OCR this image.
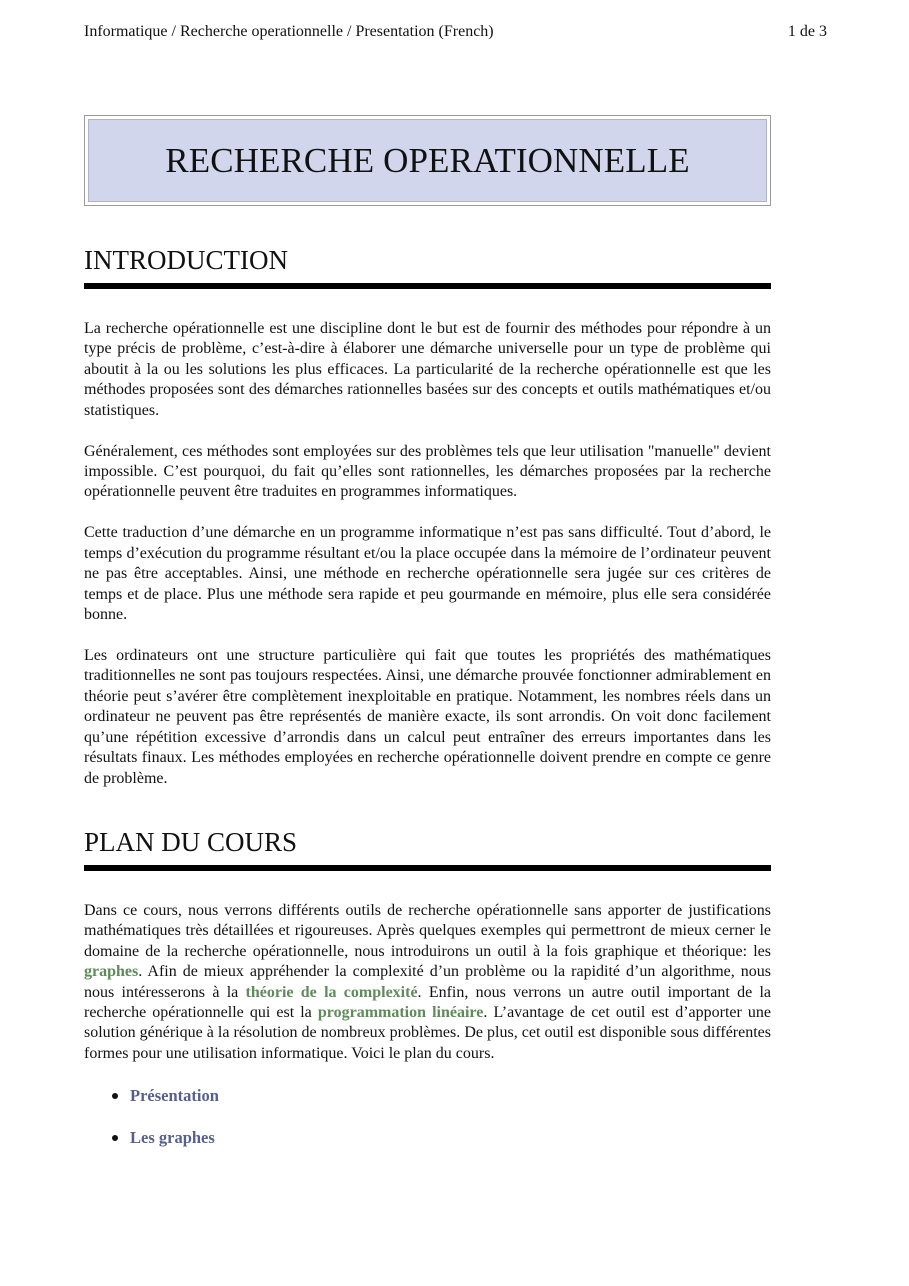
Informatique / Recherche operationnelle / Presentation (French)	1 de 3
RECHERCHE OPERATIONNELLE
INTRODUCTION

La recherche opérationnelle est une discipline dont le but est de fournir des méthodes pour répondre à un type précis de problème, c’est-à-dire à élaborer une démarche universelle pour un type de problème qui aboutit à la ou les solutions les plus efficaces. La particularité de la recherche opérationnelle est que les méthodes proposées sont des démarches rationnelles basées sur des concepts et outils mathématiques et/ou statistiques.

Généralement, ces méthodes sont employées sur des problèmes tels que leur utilisation "manuelle" devient impossible. C’est pourquoi, du fait qu’elles sont rationnelles, les démarches proposées par la recherche opérationnelle peuvent être traduites en programmes informatiques.

Cette traduction d’une démarche en un programme informatique n’est pas sans difficulté. Tout d’abord, le temps d’exécution du programme résultant et/ou la place occupée dans la mémoire de l’ordinateur peuvent ne pas être acceptables. Ainsi, une méthode en recherche opérationnelle sera jugée sur ces critères de temps et de place. Plus une méthode sera rapide et peu gourmande en mémoire, plus elle sera considérée bonne.

Les ordinateurs ont une structure particulière qui fait que toutes les propriétés des mathématiques traditionnelles ne sont pas toujours respectées. Ainsi, une démarche prouvée fonctionner admirablement en théorie peut s’avérer être complètement inexploitable en pratique. Notamment, les nombres réels dans un ordinateur ne peuvent pas être représentés de manière exacte, ils sont arrondis. On voit donc facilement qu’une répétition excessive d’arrondis dans un calcul peut entraîner des erreurs importantes dans les résultats finaux. Les méthodes employées en recherche opérationnelle doivent prendre en compte ce genre de problème.

PLAN DU COURS

Dans ce cours, nous verrons différents outils de recherche opérationnelle sans apporter de justifications mathématiques très détaillées et rigoureuses. Après quelques exemples qui permettront de mieux cerner le domaine de la recherche opérationnelle, nous introduirons un outil à la fois graphique et théorique: les graphes. Afin de mieux appréhender la complexité d’un problème ou la rapidité d’un algorithme, nous nous intéresserons à la théorie de la complexité. Enfin, nous verrons un autre outil important de la recherche opérationnelle qui est la programmation linéaire. L’avantage de cet outil est d’apporter une solution générique à la résolution de nombreux problèmes. De plus, cet outil est disponible sous différentes formes pour une utilisation informatique. Voici le plan du cours.

Présentation
Les graphes
